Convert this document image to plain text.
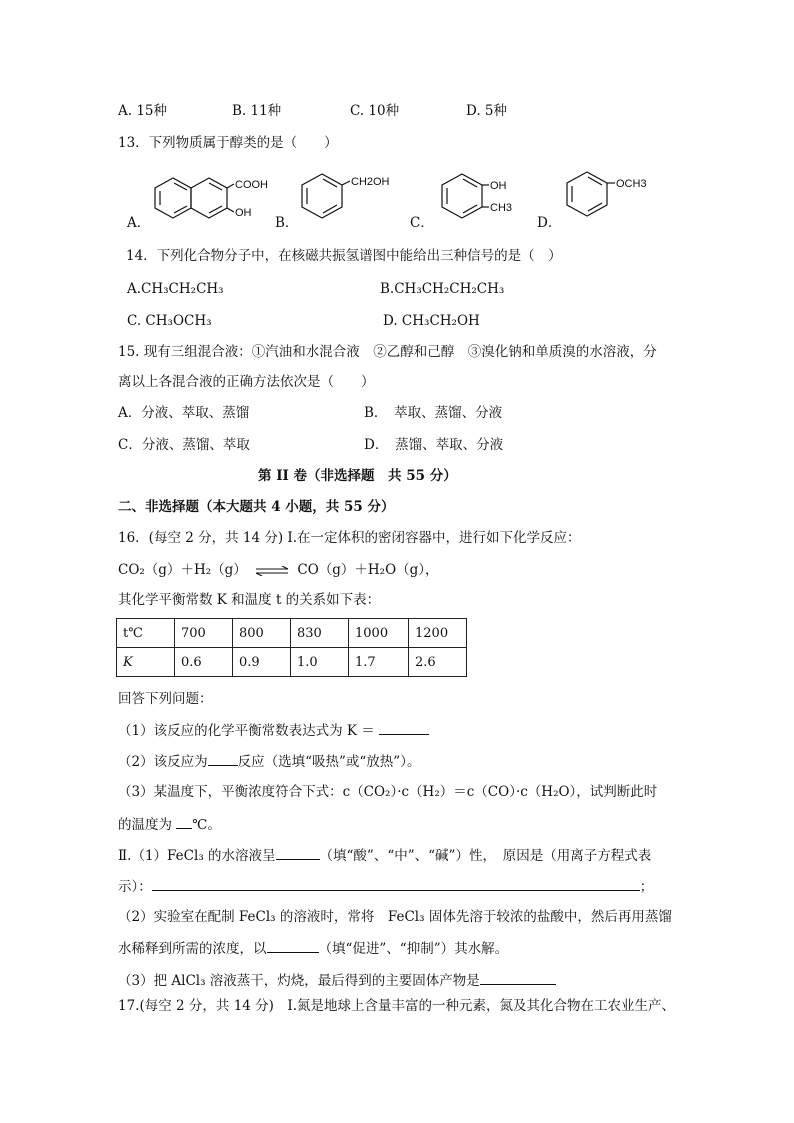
A. 15种	B. 11种	C. 10种	D. 5种
13．下列物质属于醇类的是（　　）
A．
COOH
OH
B．
CH2OH
C．
OH
CH3
D．
OCH3
14．下列化合物分子中，在核磁共振氢谱图中能给出三种信号的是（　）
A.CH₃CH₂CH₃	B.CH₃CH₂CH₂CH₃
C. CH₃OCH₃	D. CH₃CH₂OH
15. 现有三组混合液：①汽油和水混合液　②乙醇和己醇　③溴化钠和单质溴的水溶液，分
离以上各混合液的正确方法依次是（　　）
A．分液、萃取、蒸馏	B．　萃取、蒸馏、分液
C．分液、蒸馏、萃取	D．　蒸馏、萃取、分液
第 II 卷（非选择题　共 55 分）
二、非选择题（本大题共 4 小题，共 55 分）
16．(每空 2 分，共 14 分) Ⅰ.在一定体积的密闭容器中，进行如下化学反应：
CO₂（g）＋H₂（g） ⇌ CO（g）＋H₂O（g），
其化学平衡常数 K 和温度 t 的关系如下表：
t℃	700	800	830	1000	1200
K	0.6	0.9	1.0	1.7	2.6
回答下列问题：
（1）该反应的化学平衡常数表达式为 K ＝
（2）该反应为 反应（选填“吸热”或“放热”）。
（3）某温度下，平衡浓度符合下式：c（CO₂）·c（H₂）＝c（CO）·c（H₂O），试判断此时
的温度为 ℃。
Ⅱ.（1）FeCl₃ 的水溶液呈	（填“酸”、“中”、“碱”）性，　原因是（用离子方程式表
示）：	；
（2）实验室在配制 FeCl₃ 的溶液时，常将　FeCl₃ 固体先溶于较浓的盐酸中，然后再用蒸馏
水稀释到所需的浓度，以	（填“促进”、“抑制”）其水解。
（3）把 AlCl₃ 溶液蒸干，灼烧，最后得到的主要固体产物是
17.(每空 2 分，共 14 分)　Ⅰ.氮是地球上含量丰富的一种元素，氮及其化合物在工农业生产、
